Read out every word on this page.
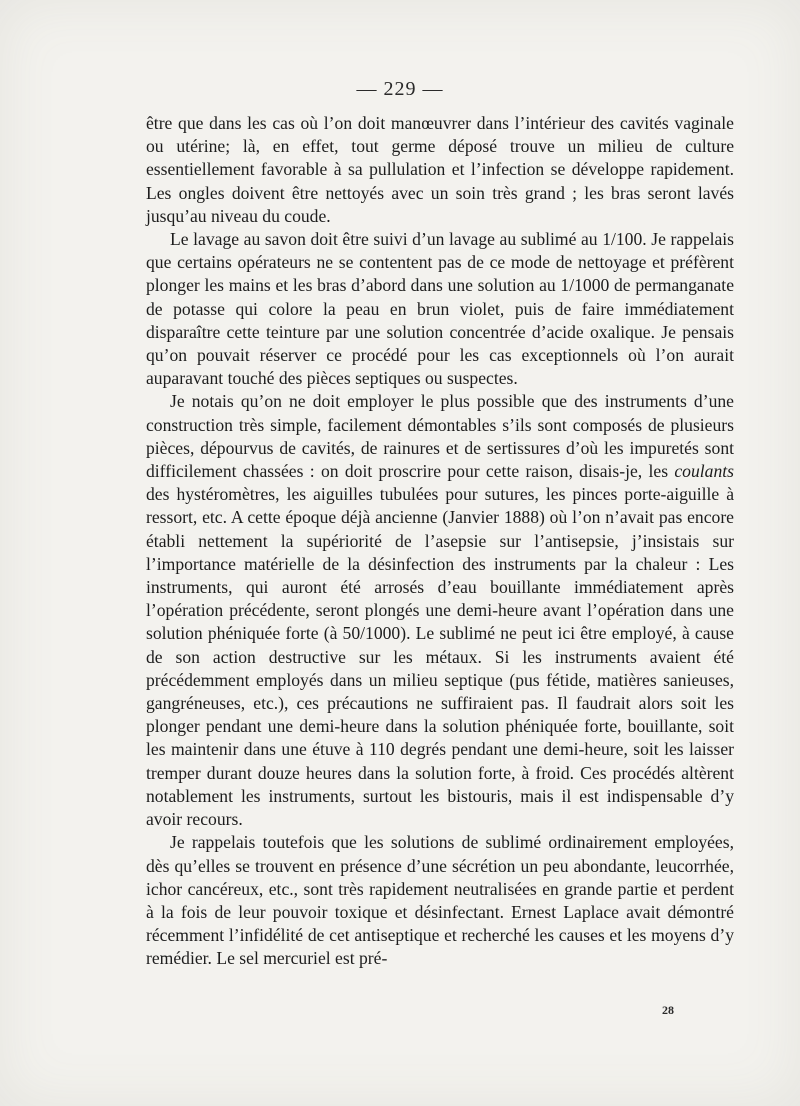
— 229 —

être que dans les cas où l’on doit manœuvrer dans l’intérieur des cavités vaginale ou utérine; là, en effet, tout germe déposé trouve un milieu de culture essentiellement favorable à sa pullulation et l’infection se développe rapidement. Les ongles doivent être nettoyés avec un soin très grand ; les bras seront lavés jusqu’au niveau du coude.

Le lavage au savon doit être suivi d’un lavage au sublimé au 1/100. Je rappelais que certains opérateurs ne se contentent pas de ce mode de nettoyage et préfèrent plonger les mains et les bras d’abord dans une solution au 1/1000 de permanganate de potasse qui colore la peau en brun violet, puis de faire immédiatement disparaître cette teinture par une solution concentrée d’acide oxalique. Je pensais qu’on pouvait réserver ce procédé pour les cas exceptionnels où l’on aurait auparavant touché des pièces septiques ou suspectes.

Je notais qu’on ne doit employer le plus possible que des instruments d’une construction très simple, facilement démontables s’ils sont composés de plusieurs pièces, dépourvus de cavités, de rainures et de sertissures d’où les impuretés sont difficilement chassées : on doit proscrire pour cette raison, disais-je, les coulants des hystéromètres, les aiguilles tubulées pour sutures, les pinces porte-aiguille à ressort, etc. A cette époque déjà ancienne (Janvier 1888) où l’on n’avait pas encore établi nettement la supériorité de l’asepsie sur l’antisepsie, j’insistais sur l’importance matérielle de la désinfection des instruments par la chaleur : Les instruments, qui auront été arrosés d’eau bouillante immédiatement après l’opération précédente, seront plongés une demi-heure avant l’opération dans une solution phéniquée forte (à 50/1000). Le sublimé ne peut ici être employé, à cause de son action destructive sur les métaux. Si les instruments avaient été précédemment employés dans un milieu septique (pus fétide, matières sanieuses, gangréneuses, etc.), ces précautions ne suffiraient pas. Il faudrait alors soit les plonger pendant une demi-heure dans la solution phéniquée forte, bouillante, soit les maintenir dans une étuve à 110 degrés pendant une demi-heure, soit les laisser tremper durant douze heures dans la solution forte, à froid. Ces procédés altèrent notablement les instruments, surtout les bistouris, mais il est indispensable d’y avoir recours.

Je rappelais toutefois que les solutions de sublimé ordinairement employées, dès qu’elles se trouvent en présence d’une sécrétion un peu abondante, leucorrhée, ichor cancéreux, etc., sont très rapidement neutralisées en grande partie et perdent à la fois de leur pouvoir toxique et désinfectant. Ernest Laplace avait démontré récemment l’infidélité de cet antiseptique et recherché les causes et les moyens d’y remédier. Le sel mercuriel est pré-

28
